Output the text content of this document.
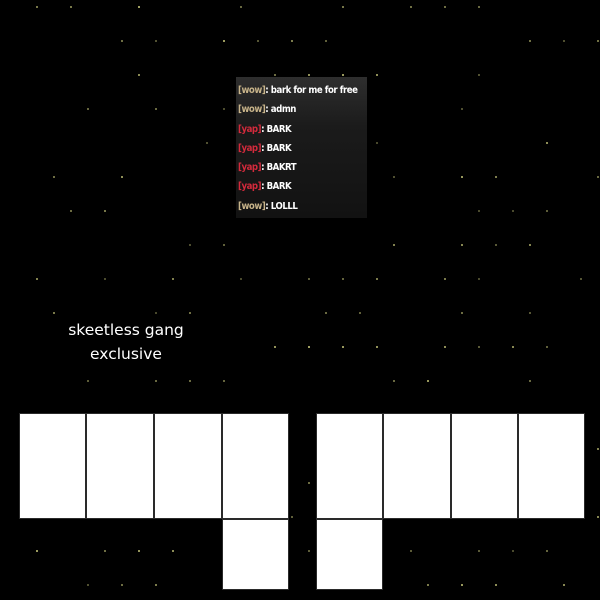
[wow]: bark for me for free
[wow]: admn
[yap]: BARK
[yap]: BARK
[yap]: BAKRT
[yap]: BARK
[wow]: LOLLL
skeetless gang
exclusive
